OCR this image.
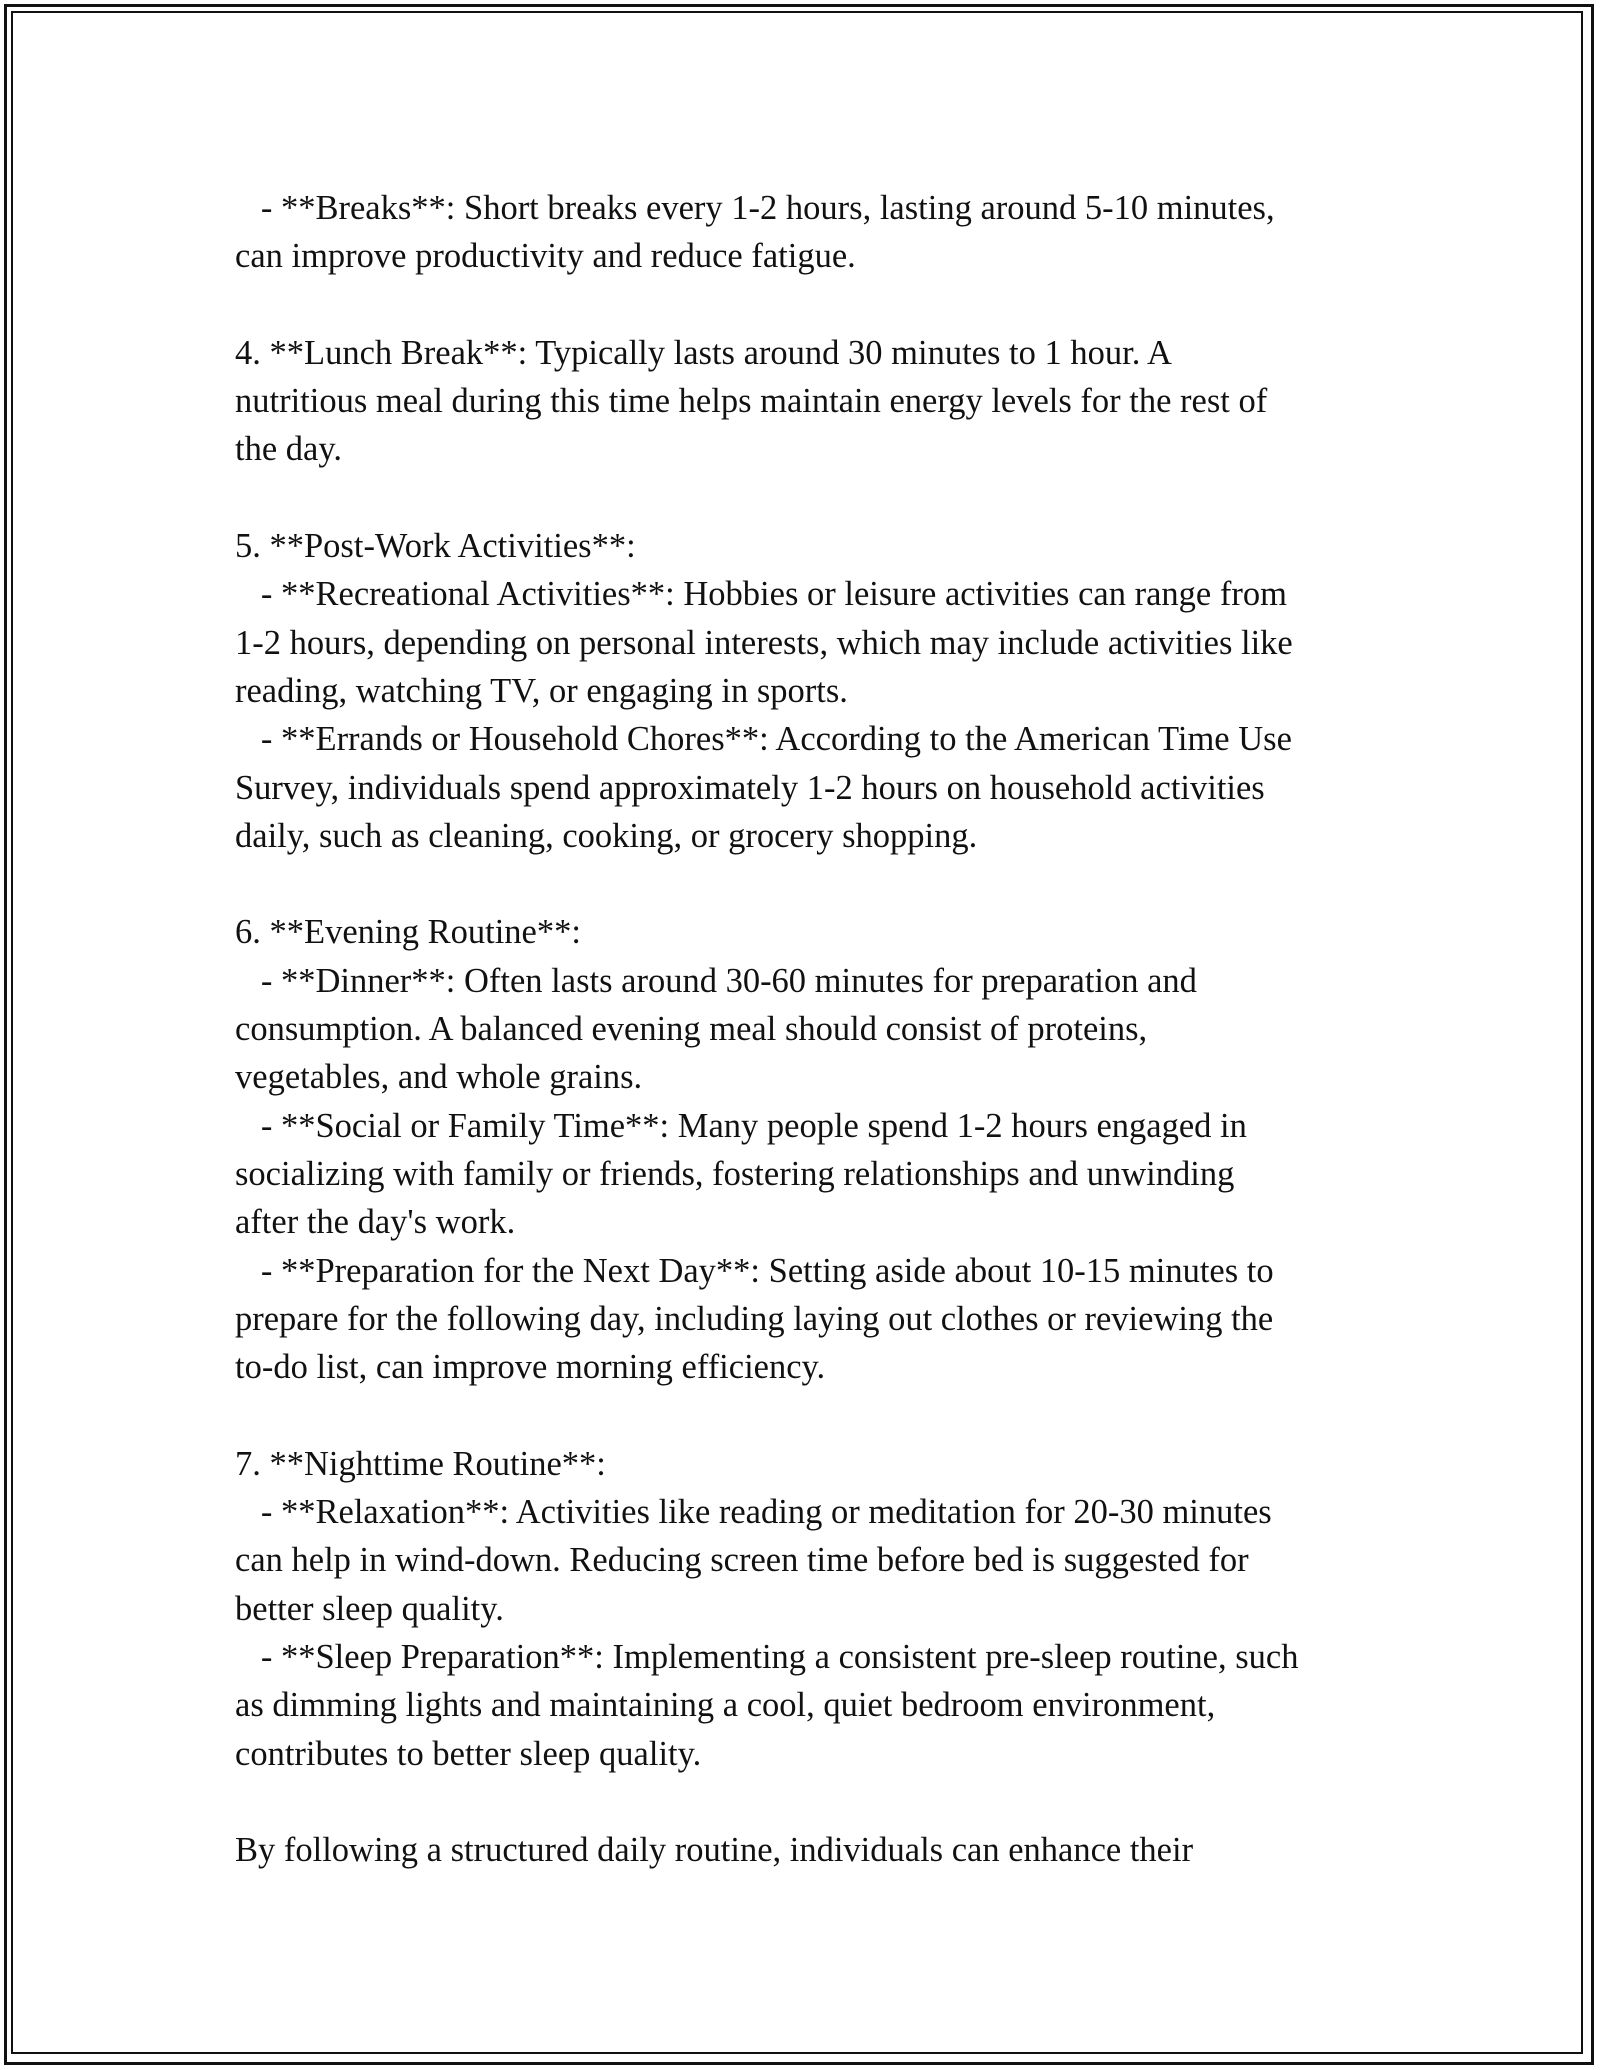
- **Breaks**: Short breaks every 1-2 hours, lasting around 5-10 minutes,
can improve productivity and reduce fatigue.
4. **Lunch Break**: Typically lasts around 30 minutes to 1 hour. A
nutritious meal during this time helps maintain energy levels for the rest of
the day.
5. **Post-Work Activities**:
- **Recreational Activities**: Hobbies or leisure activities can range from
1-2 hours, depending on personal interests, which may include activities like
reading, watching TV, or engaging in sports.
- **Errands or Household Chores**: According to the American Time Use
Survey, individuals spend approximately 1-2 hours on household activities
daily, such as cleaning, cooking, or grocery shopping.
6. **Evening Routine**:
- **Dinner**: Often lasts around 30-60 minutes for preparation and
consumption. A balanced evening meal should consist of proteins,
vegetables, and whole grains.
- **Social or Family Time**: Many people spend 1-2 hours engaged in
socializing with family or friends, fostering relationships and unwinding
after the day's work.
- **Preparation for the Next Day**: Setting aside about 10-15 minutes to
prepare for the following day, including laying out clothes or reviewing the
to-do list, can improve morning efficiency.
7. **Nighttime Routine**:
- **Relaxation**: Activities like reading or meditation for 20-30 minutes
can help in wind-down. Reducing screen time before bed is suggested for
better sleep quality.
- **Sleep Preparation**: Implementing a consistent pre-sleep routine, such
as dimming lights and maintaining a cool, quiet bedroom environment,
contributes to better sleep quality.
By following a structured daily routine, individuals can enhance their
